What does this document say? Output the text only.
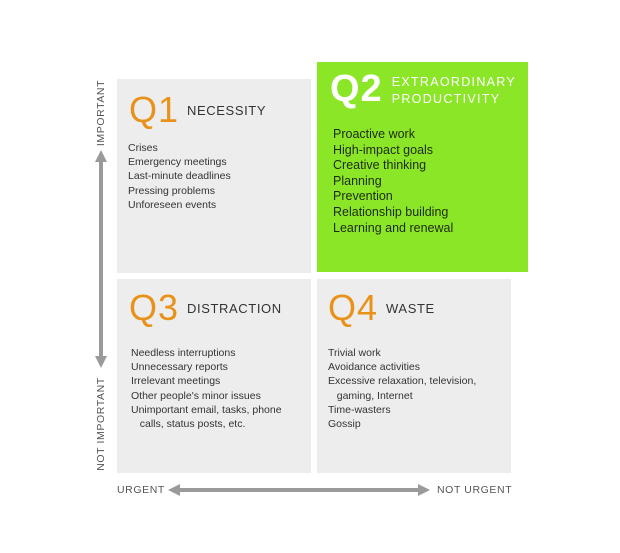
IMPORTANT
NOT IMPORTANT
URGENT	NOT URGENT
Q1 NECESSITY
Crises
Emergency meetings
Last-minute deadlines
Pressing problems
Unforeseen events
Q2 EXTRAORDINARY
PRODUCTIVITY
Proactive work
High-impact goals
Creative thinking
Planning
Prevention
Relationship building
Learning and renewal
Q3 DISTRACTION
Needless interruptions
Unnecessary reports
Irrelevant meetings
Other people's minor issues
Unimportant email, tasks, phone
calls, status posts, etc.
Q4 WASTE
Trivial work
Avoidance activities
Excessive relaxation, television,
gaming, Internet
Time-wasters
Gossip
